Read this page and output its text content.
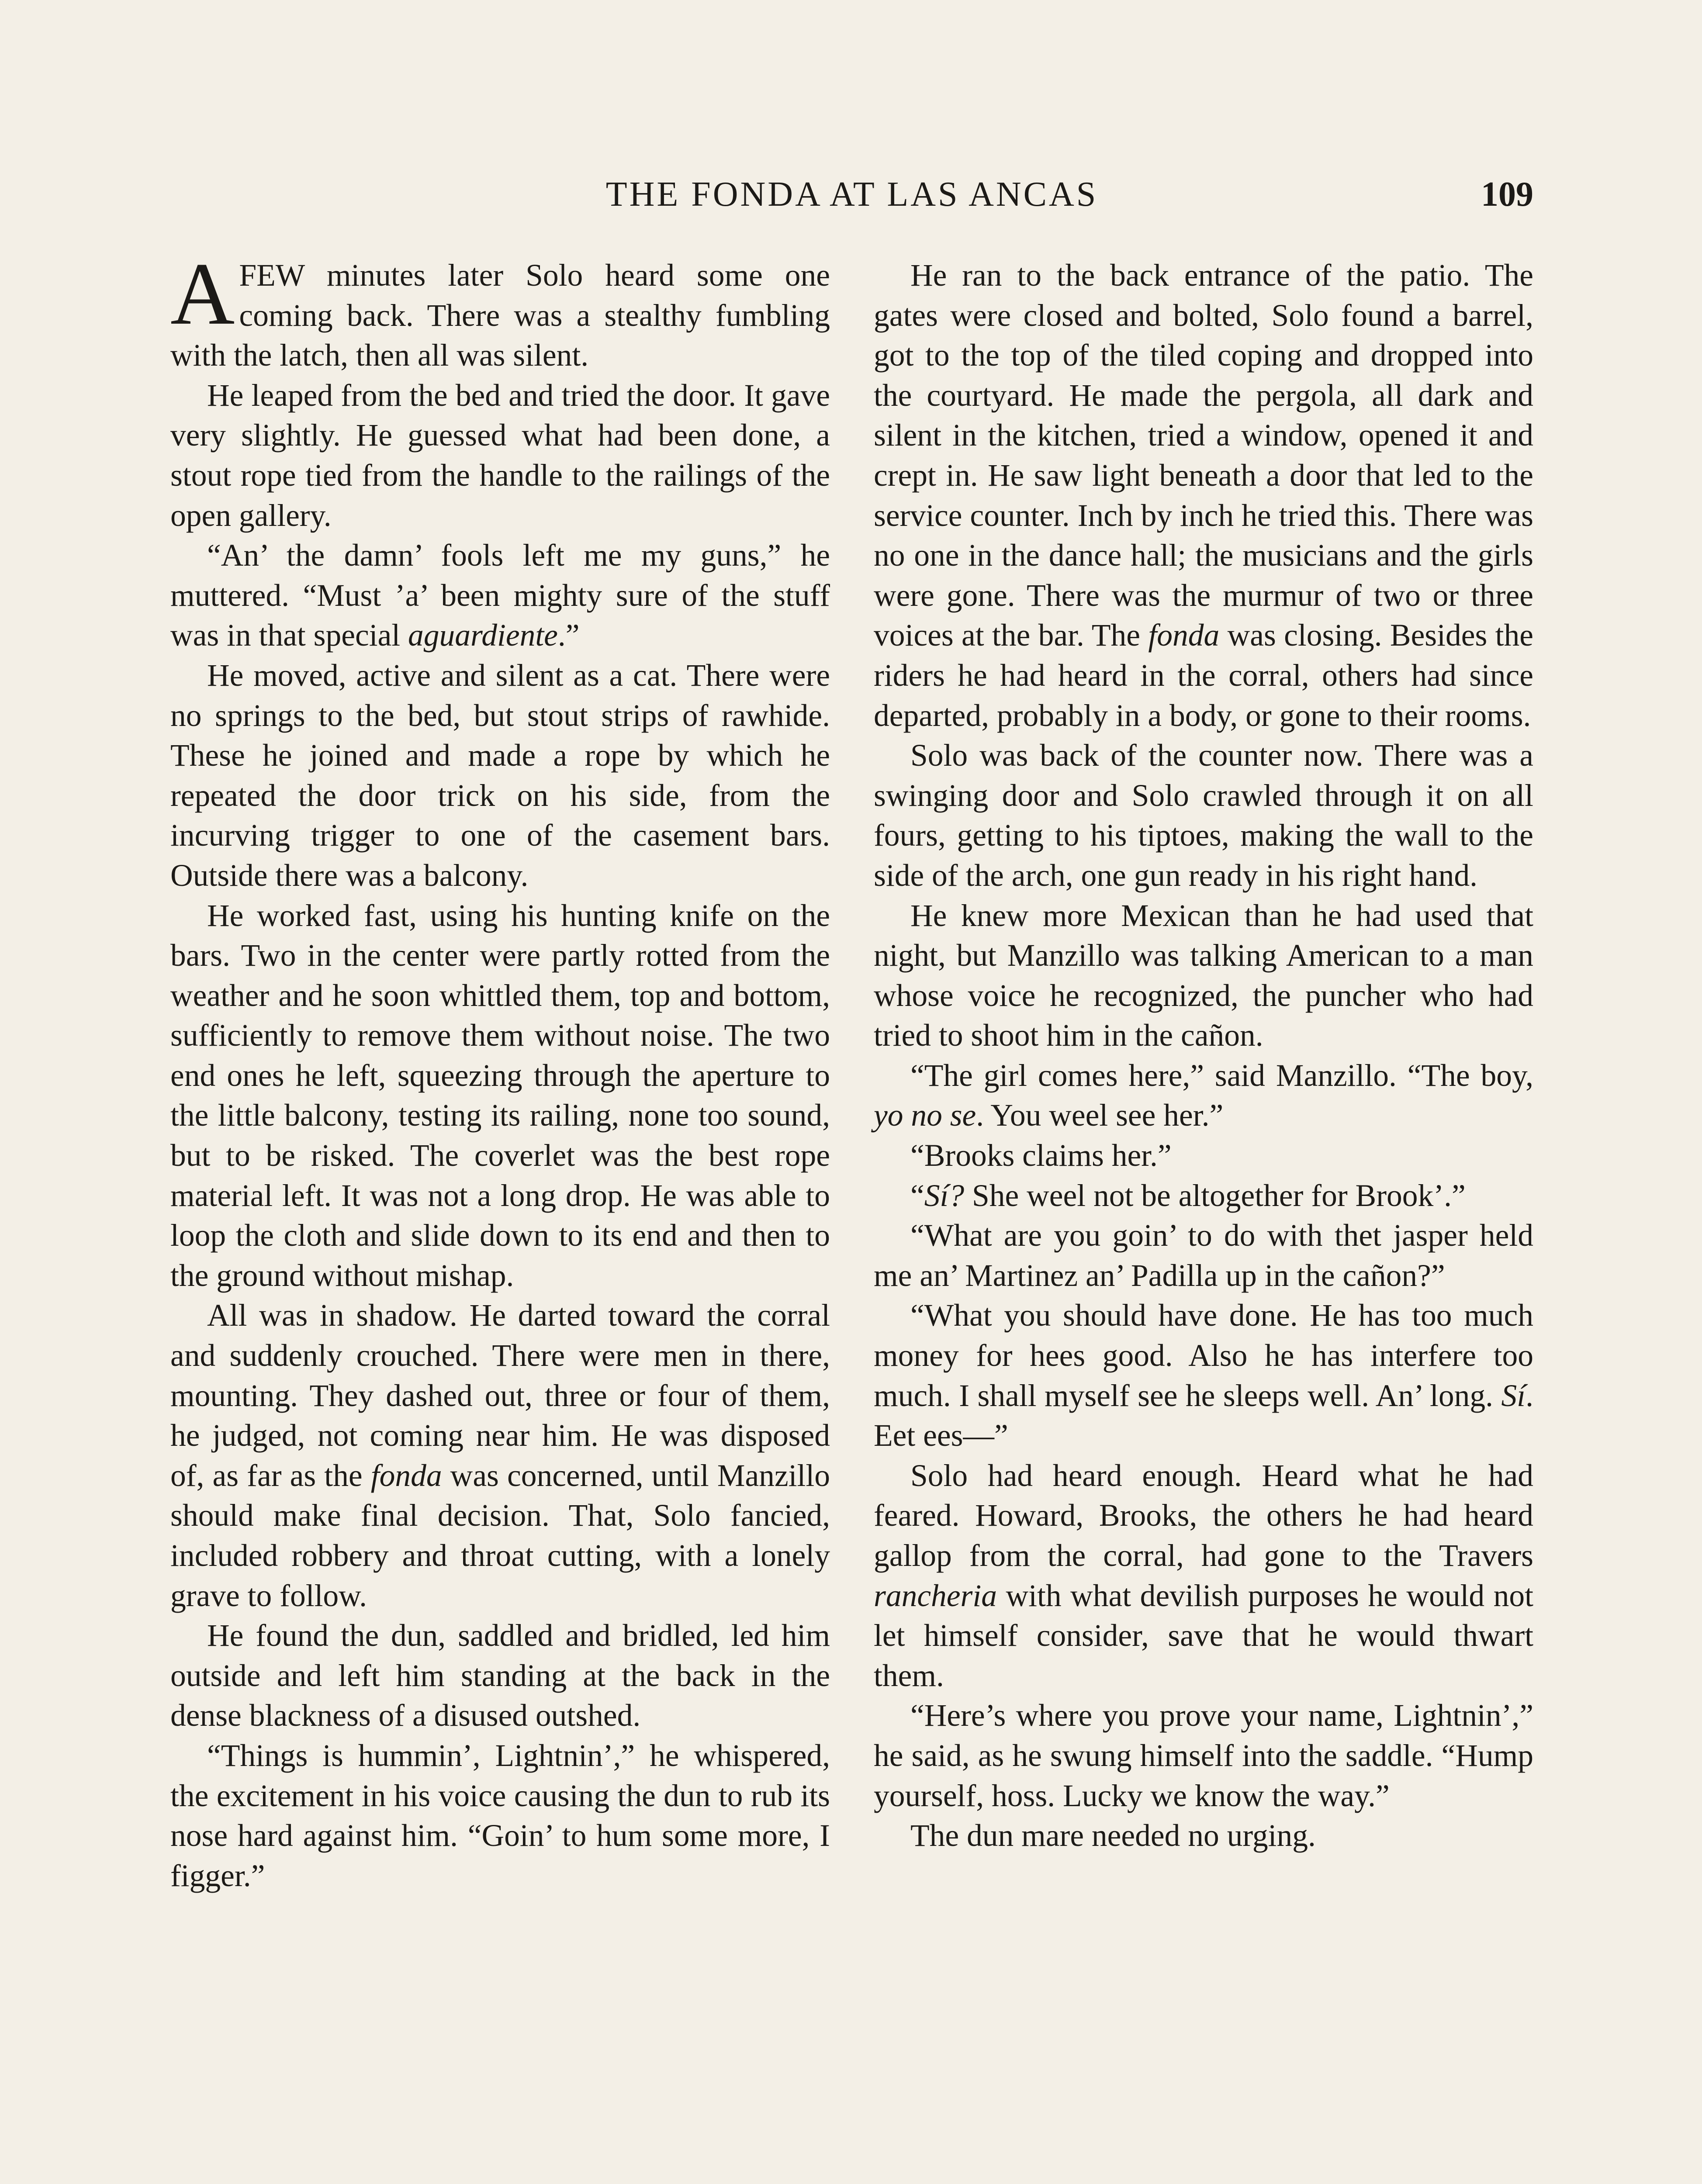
THE FONDA AT LAS ANCAS	109

AFEW minutes later Solo heard some one coming back. There was a stealthy fumbling with the latch, then all was silent.

He leaped from the bed and tried the door. It gave very slightly. He guessed what had been done, a stout rope tied from the handle to the railings of the open gallery.

“An’ the damn’ fools left me my guns,” he muttered. “Must ’a’ been mighty sure of the stuff was in that special aguardiente.”

He moved, active and silent as a cat. There were no springs to the bed, but stout strips of rawhide. These he joined and made a rope by which he repeated the door trick on his side, from the incurving trigger to one of the casement bars. Outside there was a balcony.

He worked fast, using his hunting knife on the bars. Two in the center were partly rotted from the weather and he soon whittled them, top and bottom, sufficiently to remove them without noise. The two end ones he left, squeezing through the aperture to the little balcony, testing its railing, none too sound, but to be risked. The coverlet was the best rope material left. It was not a long drop. He was able to loop the cloth and slide down to its end and then to the ground without mishap.

All was in shadow. He darted toward the corral and suddenly crouched. There were men in there, mounting. They dashed out, three or four of them, he judged, not coming near him. He was disposed of, as far as the fonda was concerned, until Manzillo should make final decision. That, Solo fancied, included robbery and throat cutting, with a lonely grave to follow.

He found the dun, saddled and bridled, led him outside and left him standing at the back in the dense blackness of a disused outshed.

“Things is hummin’, Lightnin’,” he whispered, the excitement in his voice causing the dun to rub its nose hard against him. “Goin’ to hum some more, I figger.”

He ran to the back entrance of the patio. The gates were closed and bolted, Solo found a barrel, got to the top of the tiled coping and dropped into the courtyard. He made the pergola, all dark and silent in the kitchen, tried a window, opened it and crept in. He saw light beneath a door that led to the service counter. Inch by inch he tried this. There was no one in the dance hall; the musicians and the girls were gone. There was the murmur of two or three voices at the bar. The fonda was closing. Besides the riders he had heard in the corral, others had since departed, probably in a body, or gone to their rooms.

Solo was back of the counter now. There was a swinging door and Solo crawled through it on all fours, getting to his tiptoes, making the wall to the side of the arch, one gun ready in his right hand.

He knew more Mexican than he had used that night, but Manzillo was talking American to a man whose voice he recognized, the puncher who had tried to shoot him in the cañon.

“The girl comes here,” said Manzillo. “The boy, yo no se. You weel see her.”

“Brooks claims her.”

“Sí? She weel not be altogether for Brook’.”

“What are you goin’ to do with thet jasper held me an’ Martinez an’ Padilla up in the cañon?”

“What you should have done. He has too much money for hees good. Also he has interfere too much. I shall myself see he sleeps well. An’ long. Sí. Eet ees—”

Solo had heard enough. Heard what he had feared. Howard, Brooks, the others he had heard gallop from the corral, had gone to the Travers rancheria with what devilish purposes he would not let himself consider, save that he would thwart them.

“Here’s where you prove your name, Lightnin’,” he said, as he swung himself into the saddle. “Hump yourself, hoss. Lucky we know the way.”

The dun mare needed no urging.
